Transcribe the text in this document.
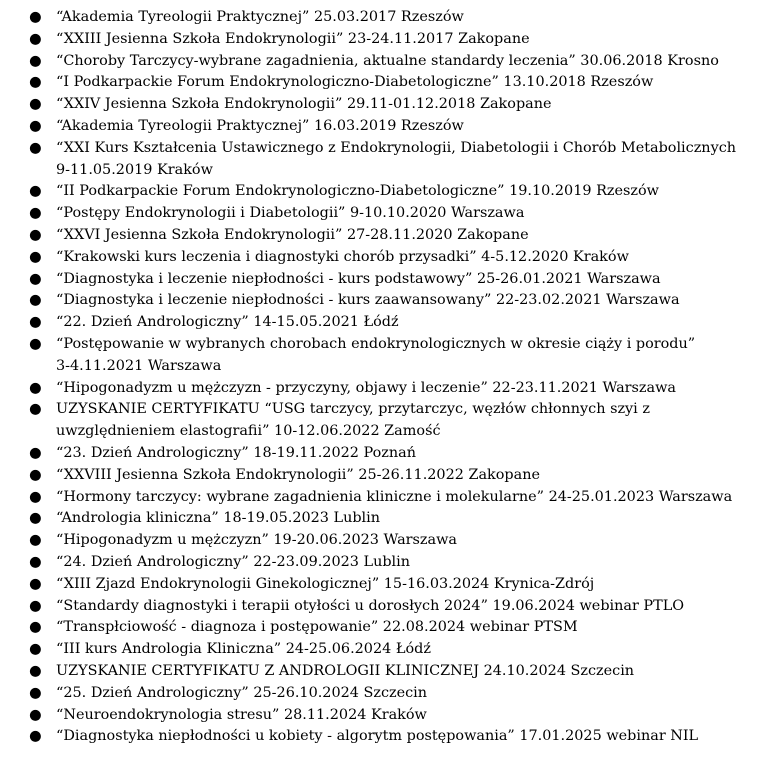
● “Akademia Tyreologii Praktycznej” 25.03.2017 Rzeszów
● “XXIII Jesienna Szkoła Endokrynologii” 23-24.11.2017 Zakopane
● “Choroby Tarczycy-wybrane zagadnienia, aktualne standardy leczenia” 30.06.2018 Krosno
● “I Podkarpackie Forum Endokrynologiczno-Diabetologiczne” 13.10.2018 Rzeszów
● “XXIV Jesienna Szkoła Endokrynologii” 29.11-01.12.2018 Zakopane
● “Akademia Tyreologii Praktycznej” 16.03.2019 Rzeszów
● “XXI Kurs Kształcenia Ustawicznego z Endokrynologii, Diabetologii i Chorób Metabolicznych
9-11.05.2019 Kraków
● “II Podkarpackie Forum Endokrynologiczno-Diabetologiczne” 19.10.2019 Rzeszów
● “Postępy Endokrynologii i Diabetologii” 9-10.10.2020 Warszawa
● “XXVI Jesienna Szkoła Endokrynologii” 27-28.11.2020 Zakopane
● “Krakowski kurs leczenia i diagnostyki chorób przysadki” 4-5.12.2020 Kraków
● “Diagnostyka i leczenie niepłodności - kurs podstawowy” 25-26.01.2021 Warszawa
● “Diagnostyka i leczenie niepłodności - kurs zaawansowany” 22-23.02.2021 Warszawa
● “22. Dzień Andrologiczny” 14-15.05.2021 Łódź
● “Postępowanie w wybranych chorobach endokrynologicznych w okresie ciąży i porodu”
3-4.11.2021 Warszawa
● “Hipogonadyzm u mężczyzn - przyczyny, objawy i leczenie” 22-23.11.2021 Warszawa
● UZYSKANIE CERTYFIKATU “USG tarczycy, przytarczyc, węzłów chłonnych szyi z
uwzględnieniem elastografii” 10-12.06.2022 Zamość
● “23. Dzień Andrologiczny” 18-19.11.2022 Poznań
● “XXVIII Jesienna Szkoła Endokrynologii” 25-26.11.2022 Zakopane
● “Hormony tarczycy: wybrane zagadnienia kliniczne i molekularne” 24-25.01.2023 Warszawa
● “Andrologia kliniczna” 18-19.05.2023 Lublin
● “Hipogonadyzm u mężczyzn” 19-20.06.2023 Warszawa
● “24. Dzień Andrologiczny” 22-23.09.2023 Lublin
● “XIII Zjazd Endokrynologii Ginekologicznej” 15-16.03.2024 Krynica-Zdrój
● “Standardy diagnostyki i terapii otyłości u dorosłych 2024” 19.06.2024 webinar PTLO
● “Transpłciowość - diagnoza i postępowanie” 22.08.2024 webinar PTSM
● “III kurs Andrologia Kliniczna” 24-25.06.2024 Łódź
● UZYSKANIE CERTYFIKATU Z ANDROLOGII KLINICZNEJ 24.10.2024 Szczecin
● “25. Dzień Andrologiczny” 25-26.10.2024 Szczecin
● “Neuroendokrynologia stresu” 28.11.2024 Kraków
● “Diagnostyka niepłodności u kobiety - algorytm postępowania” 17.01.2025 webinar NIL
